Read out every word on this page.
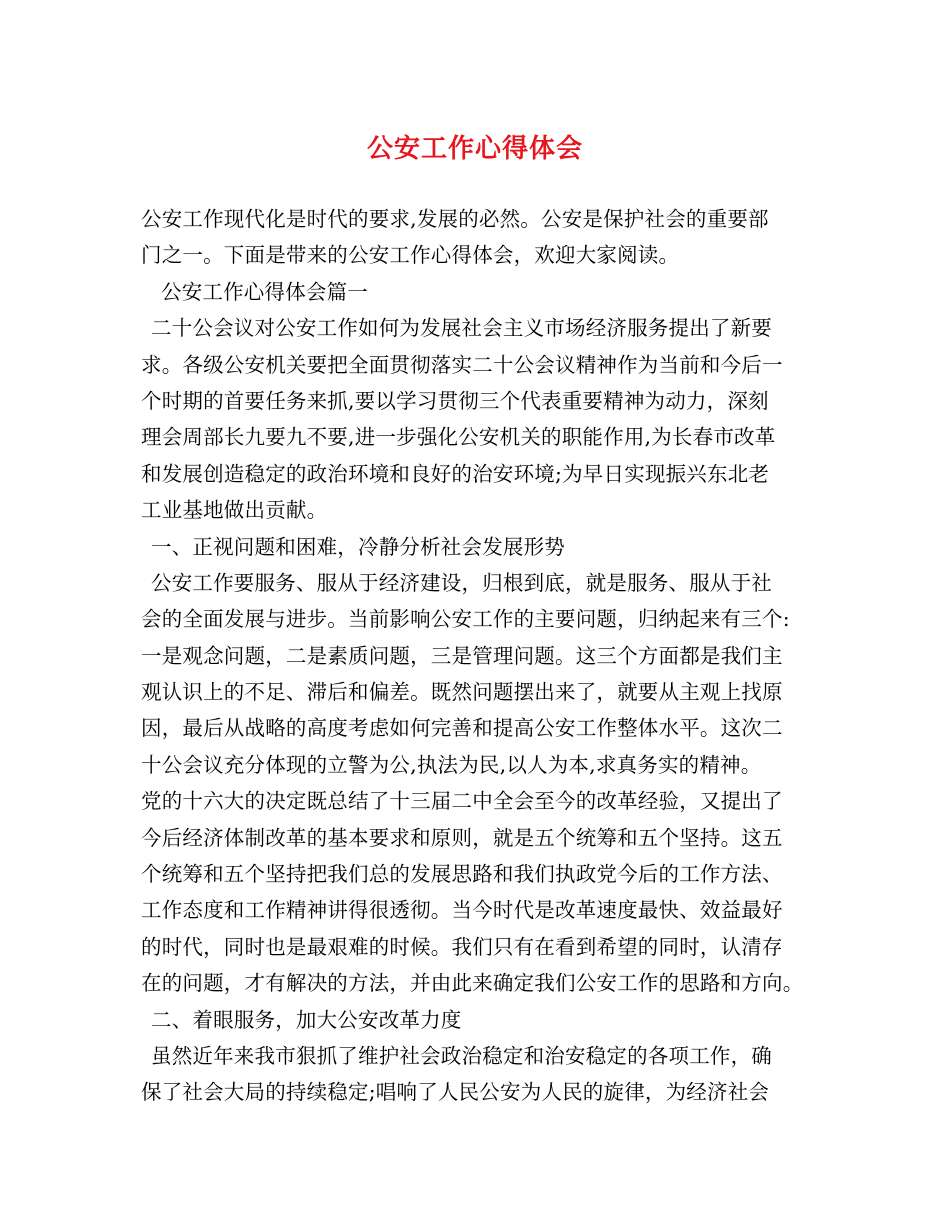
公安工作心得体会
公安工作现代化是时代的要求,发展的必然。公安是保护社会的重要部
门之一。下面是带来的公安工作心得体会，欢迎大家阅读。
公安工作心得体会篇一
二十公会议对公安工作如何为发展社会主义市场经济服务提出了新要
求。各级公安机关要把全面贯彻落实二十公会议精神作为当前和今后一
个时期的首要任务来抓,要以学习贯彻三个代表重要精神为动力，深刻
理会周部长九要九不要,进一步强化公安机关的职能作用,为长春市改革
和发展创造稳定的政治环境和良好的治安环境;为早日实现振兴东北老
工业基地做出贡献。
一、正视问题和困难，冷静分析社会发展形势
公安工作要服务、服从于经济建设，归根到底，就是服务、服从于社
会的全面发展与进步。当前影响公安工作的主要问题，归纳起来有三个:
一是观念问题，二是素质问题，三是管理问题。这三个方面都是我们主
观认识上的不足、滞后和偏差。既然问题摆出来了，就要从主观上找原
因，最后从战略的高度考虑如何完善和提高公安工作整体水平。这次二
十公会议充分体现的立警为公,执法为民,以人为本,求真务实的精神。
党的十六大的决定既总结了十三届二中全会至今的改革经验，又提出了
今后经济体制改革的基本要求和原则，就是五个统筹和五个坚持。这五
个统筹和五个坚持把我们总的发展思路和我们执政党今后的工作方法、
工作态度和工作精神讲得很透彻。当今时代是改革速度最快、效益最好
的时代，同时也是最艰难的时候。我们只有在看到希望的同时，认清存
在的问题，才有解决的方法，并由此来确定我们公安工作的思路和方向。
二、着眼服务，加大公安改革力度
虽然近年来我市狠抓了维护社会政治稳定和治安稳定的各项工作，确
保了社会大局的持续稳定;唱响了人民公安为人民的旋律，为经济社会
